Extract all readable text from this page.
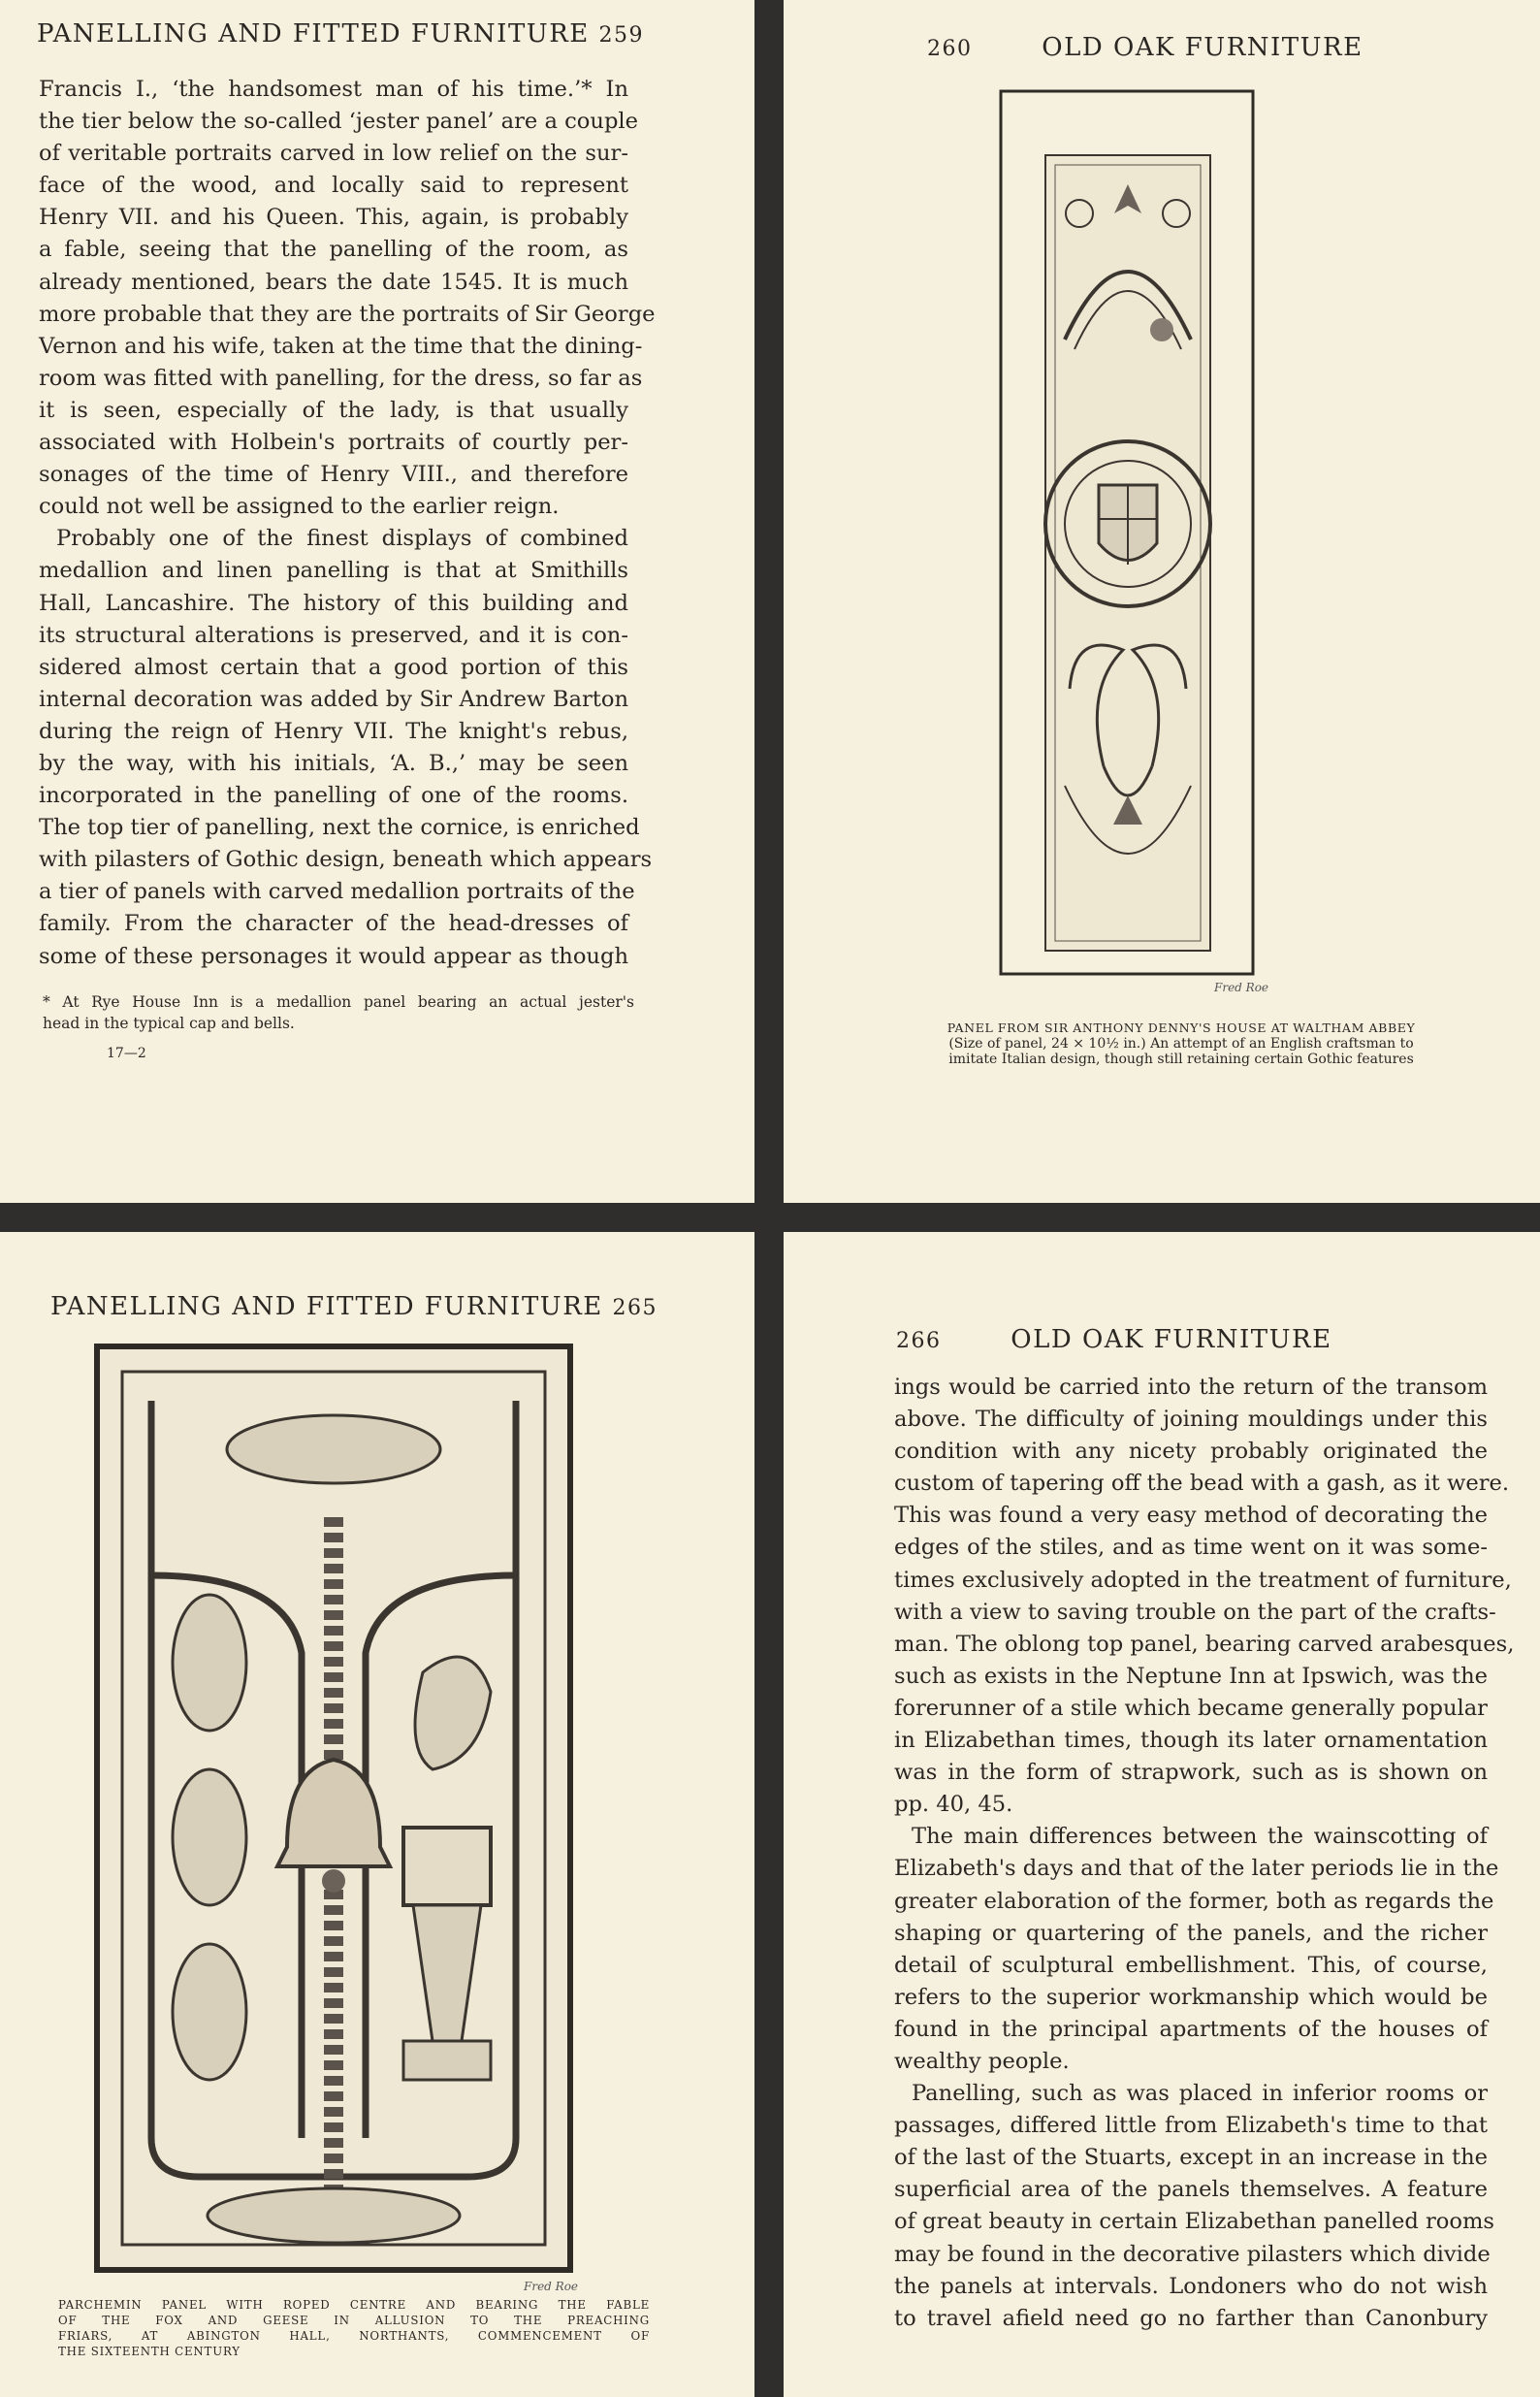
PANELLING AND FITTED FURNITURE 259
Francis I., ‘the handsomest man of his time.’* In
the tier below the so-called ‘jester panel’ are a couple
of veritable portraits carved in low relief on the sur-
face of the wood, and locally said to represent
Henry VII. and his Queen. This, again, is probably
a fable, seeing that the panelling of the room, as
already mentioned, bears the date 1545. It is much
more probable that they are the portraits of Sir George
Vernon and his wife, taken at the time that the dining-
room was fitted with panelling, for the dress, so far as
it is seen, especially of the lady, is that usually
associated with Holbein's portraits of courtly per-
sonages of the time of Henry VIII., and therefore
could not well be assigned to the earlier reign.
Probably one of the finest displays of combined
medallion and linen panelling is that at Smithills
Hall, Lancashire. The history of this building and
its structural alterations is preserved, and it is con-
sidered almost certain that a good portion of this
internal decoration was added by Sir Andrew Barton
during the reign of Henry VII. The knight's rebus,
by the way, with his initials, ‘A. B.,’ may be seen
incorporated in the panelling of one of the rooms.
The top tier of panelling, next the cornice, is enriched
with pilasters of Gothic design, beneath which appears
a tier of panels with carved medallion portraits of the
family. From the character of the head-dresses of
some of these personages it would appear as though
* At Rye House Inn is a medallion panel bearing an actual jester's
head in the typical cap and bells.
17—2
260	OLD OAK FURNITURE
Fred Roe
PANEL FROM SIR ANTHONY DENNY'S HOUSE AT WALTHAM ABBEY
(Size of panel, 24 × 10½ in.) An attempt of an English craftsman to
imitate Italian design, though still retaining certain Gothic features
PANELLING AND FITTED FURNITURE 265
Fred Roe
PARCHEMIN PANEL WITH ROPED CENTRE AND BEARING THE FABLE
OF THE FOX AND GEESE IN ALLUSION TO THE PREACHING
FRIARS, AT ABINGTON HALL, NORTHANTS, COMMENCEMENT OF
THE SIXTEENTH CENTURY
266	OLD OAK FURNITURE
ings would be carried into the return of the transom
above. The difficulty of joining mouldings under this
condition with any nicety probably originated the
custom of tapering off the bead with a gash, as it were.
This was found a very easy method of decorating the
edges of the stiles, and as time went on it was some-
times exclusively adopted in the treatment of furniture,
with a view to saving trouble on the part of the crafts-
man. The oblong top panel, bearing carved arabesques,
such as exists in the Neptune Inn at Ipswich, was the
forerunner of a stile which became generally popular
in Elizabethan times, though its later ornamentation
was in the form of strapwork, such as is shown on
pp. 40, 45.
The main differences between the wainscotting of
Elizabeth's days and that of the later periods lie in the
greater elaboration of the former, both as regards the
shaping or quartering of the panels, and the richer
detail of sculptural embellishment. This, of course,
refers to the superior workmanship which would be
found in the principal apartments of the houses of
wealthy people.
Panelling, such as was placed in inferior rooms or
passages, differed little from Elizabeth's time to that
of the last of the Stuarts, except in an increase in the
superficial area of the panels themselves. A feature
of great beauty in certain Elizabethan panelled rooms
may be found in the decorative pilasters which divide
the panels at intervals. Londoners who do not wish
to travel afield need go no farther than Canonbury
